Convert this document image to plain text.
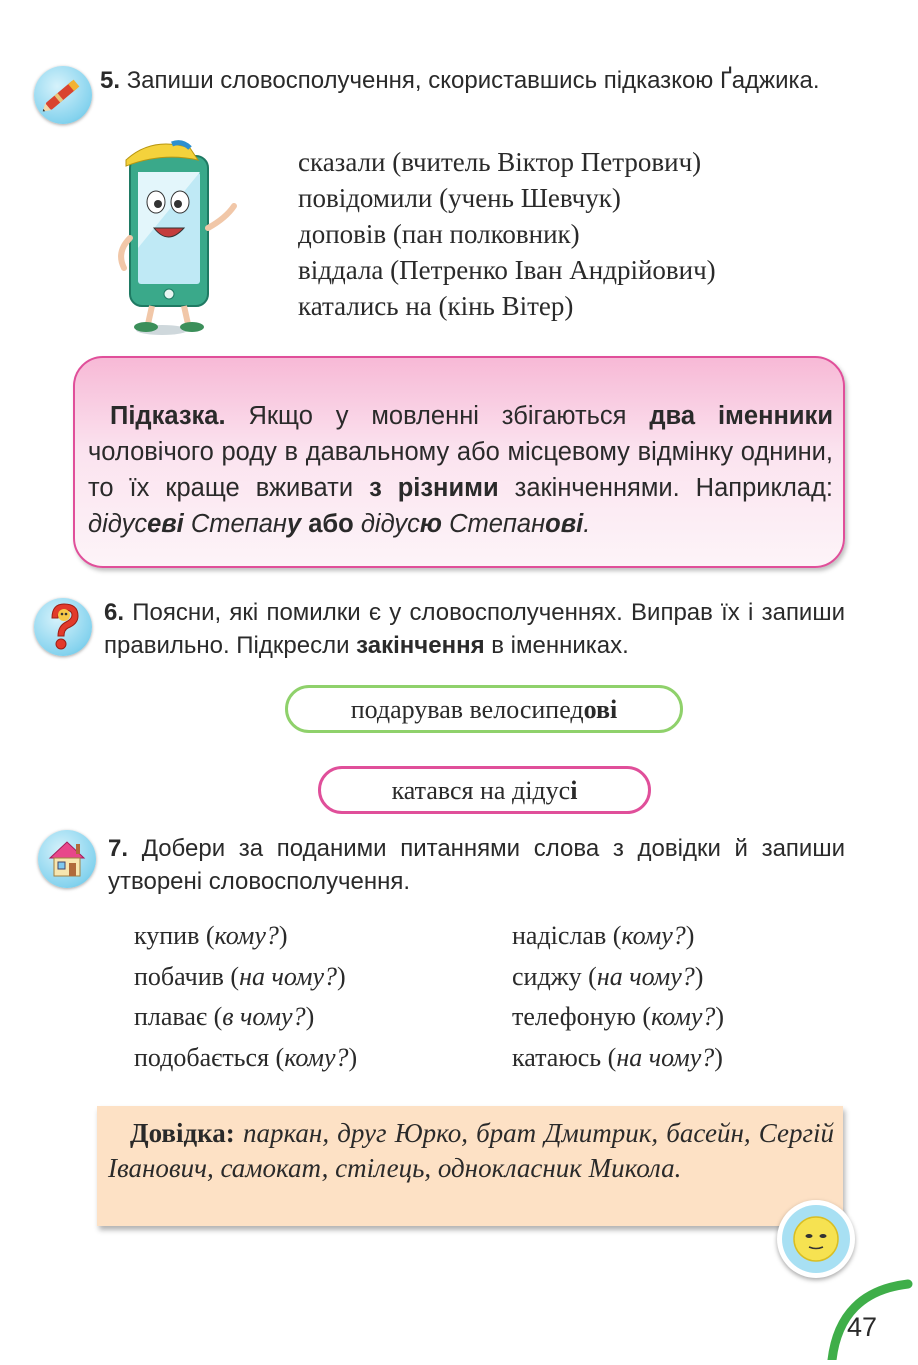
5. Запиши словосполучення, скориставшись підказкою Ґаджика.
сказали (вчитель Віктор Петрович)
повідомили (учень Шевчук)
доповів (пан полковник)
віддала (Петренко Іван Андрійович)
катались на (кінь Вітер)
Підказка. Якщо у мовленні збігаються два іменники чоловічого роду в давальному або місцевому відмінку однини, то їх краще вживати з різними закінченнями. Наприклад: дідусеві Степану або дідусю Степанові.
6. Поясни, які помилки є у словосполученнях. Виправ їх і запиши правильно. Підкресли закінчення в іменниках.
подарував велосипедові
катався на дідусі
7. Добери за поданими питаннями слова з довідки й запиши утворені словосполучення.
купив (кому?)
побачив (на чому?)
плаває (в чому?)
подобається (кому?)
надіслав (кому?)
сиджу (на чому?)
телефоную (кому?)
катаюсь (на чому?)
Довідка: паркан, друг Юрко, брат Дмитрик, басейн, Сергій Іванович, самокат, стілець, однокласник Микола.
47
